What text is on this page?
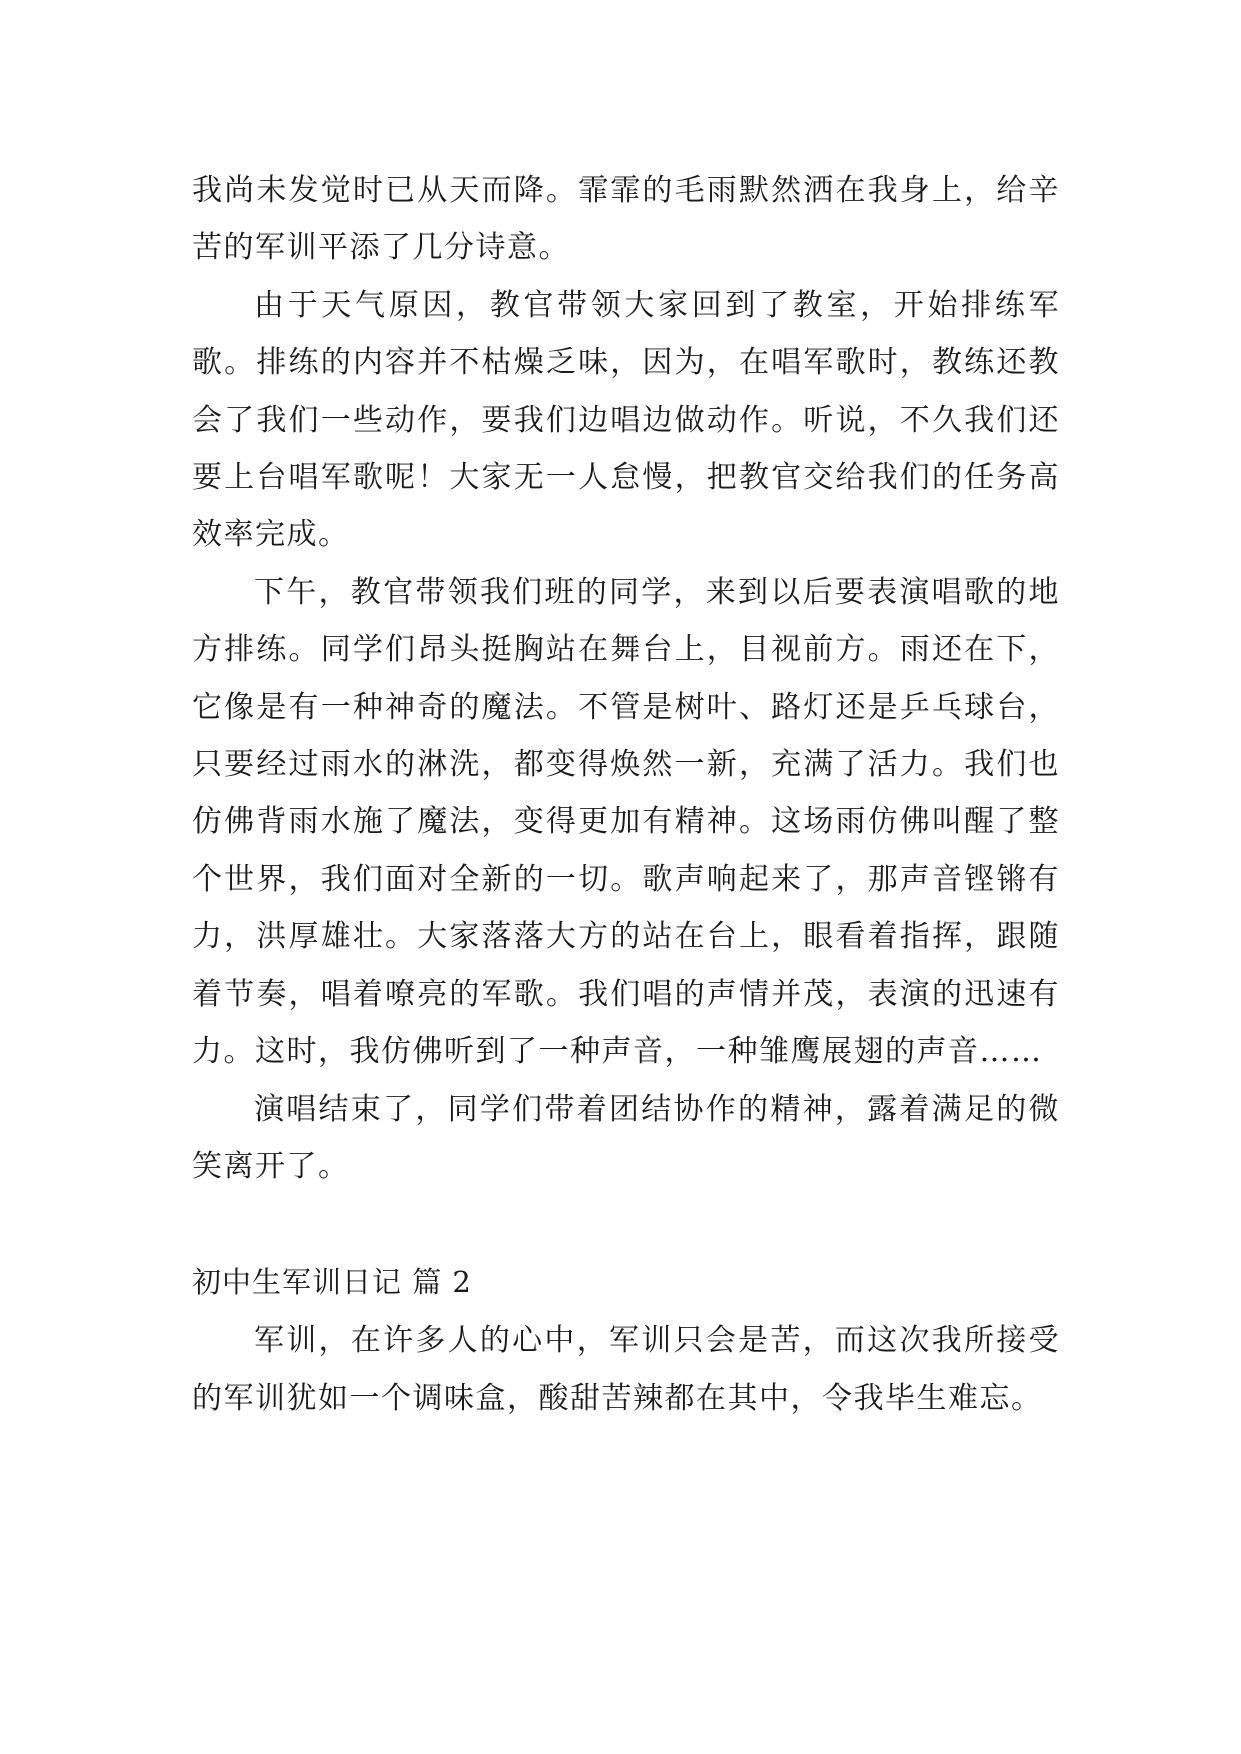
我尚未发觉时已从天而降。霏霏的毛雨默然洒在我身上，给辛苦的军训平添了几分诗意。

由于天气原因，教官带领大家回到了教室，开始排练军歌。排练的内容并不枯燥乏味，因为，在唱军歌时，教练还教会了我们一些动作，要我们边唱边做动作。听说，不久我们还要上台唱军歌呢！大家无一人怠慢，把教官交给我们的任务高效率完成。

下午，教官带领我们班的同学，来到以后要表演唱歌的地方排练。同学们昂头挺胸站在舞台上，目视前方。雨还在下，它像是有一种神奇的魔法。不管是树叶、路灯还是乒乓球台，只要经过雨水的淋洗，都变得焕然一新，充满了活力。我们也仿佛背雨水施了魔法，变得更加有精神。这场雨仿佛叫醒了整个世界，我们面对全新的一切。歌声响起来了，那声音铿锵有力，洪厚雄壮。大家落落大方的站在台上，眼看着指挥，跟随着节奏，唱着嘹亮的军歌。我们唱的声情并茂，表演的迅速有力。这时，我仿佛听到了一种声音，一种雏鹰展翅的声音……

演唱结束了，同学们带着团结协作的精神，露着满足的微笑离开了。

初中生军训日记 篇 2

军训，在许多人的心中，军训只会是苦，而这次我所接受的军训犹如一个调味盒，酸甜苦辣都在其中，令我毕生难忘。
